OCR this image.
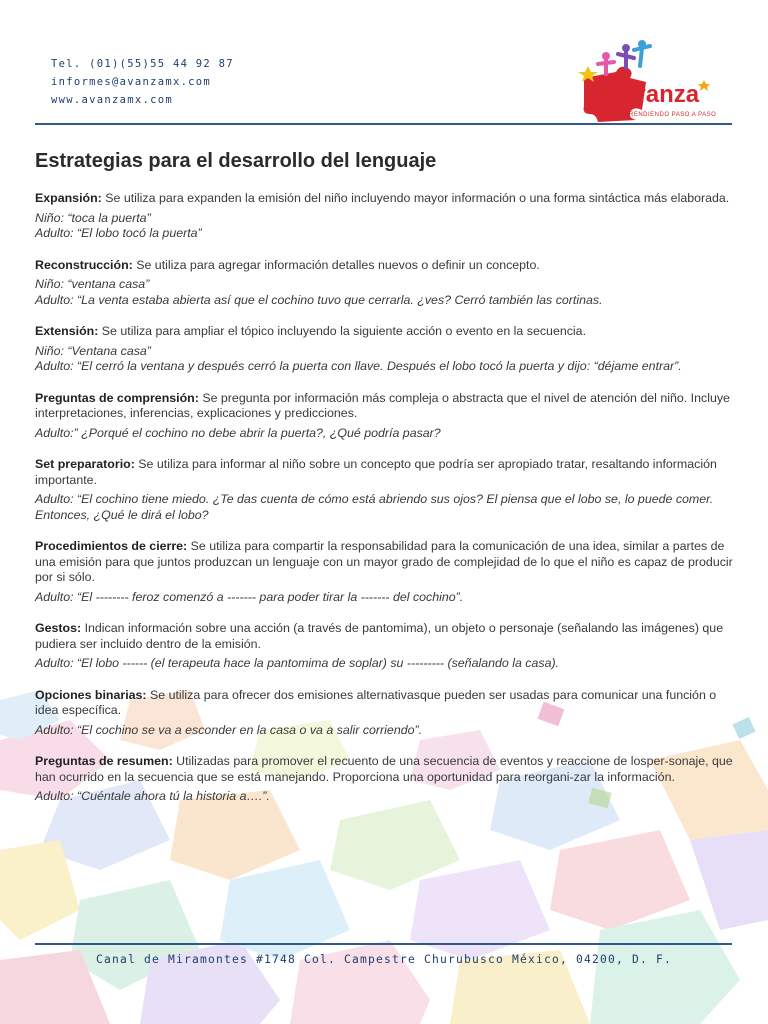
Tel. (01)(55)55 44 92 87
informes@avanzamx.com
www.avanzamx.com	Avanza
APRENDIENDO PASO A PASO
Estrategias para el desarrollo del lenguaje

Expansión: Se utiliza para expanden la emisión del niño incluyendo mayor información o una forma sintáctica más elaborada.

Niño: “toca la puerta”
Adulto: “El lobo tocó la puerta”

Reconstrucción: Se utiliza para agregar información detalles nuevos o definir un concepto.

Niño: “ventana casa”
Adulto: “La venta estaba abierta así que el cochino tuvo que cerrarla. ¿ves? Cerró también las cortinas.

Extensión: Se utiliza para ampliar el tópico incluyendo la siguiente acción o evento en la secuencia.

Niño: “Ventana casa”
Adulto: “El cerró la ventana y después cerró la puerta con llave. Después el lobo tocó la puerta y dijo: “déjame entrar”.

Preguntas de comprensión: Se pregunta por información más compleja o abstracta que el nivel de atención del niño. Incluye interpretaciones, inferencias, explicaciones y predicciones.

Adulto:” ¿Porqué el cochino no debe abrir la puerta?, ¿Qué podría pasar?

Set preparatorio: Se utiliza para informar al niño sobre un concepto que podría ser apropiado tratar, resaltando información importante.

Adulto: “El cochino tiene miedo. ¿Te das cuenta de cómo está abriendo sus ojos? El piensa que el lobo se, lo puede comer. Entonces, ¿Qué le dirá el lobo?

Procedimientos de cierre: Se utiliza para compartir la responsabilidad para la comunicación de una idea, similar a partes de una emisión para que juntos produzcan un lenguaje con un mayor grado de complejidad de lo que el niño es capaz de producir por si sólo.

Adulto: “El -------- feroz comenzó a ------- para poder tirar la ------- del cochino”.

Gestos: Indican información sobre una acción (a través de pantomima), un objeto o personaje (señalando las imágenes) que pudiera ser incluido dentro de la emisión.

Adulto: “El lobo ------ (el terapeuta hace la pantomima de soplar) su --------- (señalando la casa).

Opciones binarias: Se utiliza para ofrecer dos emisiones alternativasque pueden ser usadas para comunicar una función o idea específica.

Adulto: “El cochino se va a esconder en la casa o va a salir corriendo”.

Preguntas de resumen: Utilizadas para promover el recuento de una secuencia de eventos y reaccione de losper-sonaje, que han ocurrido en la secuencia que se está manejando. Proporciona una oportunidad para reorgani-zar la información.

Adulto: “Cuéntale ahora tú la historia a….”.

Canal de Miramontes #1748 Col. Campestre Churubusco México, 04200, D. F.
